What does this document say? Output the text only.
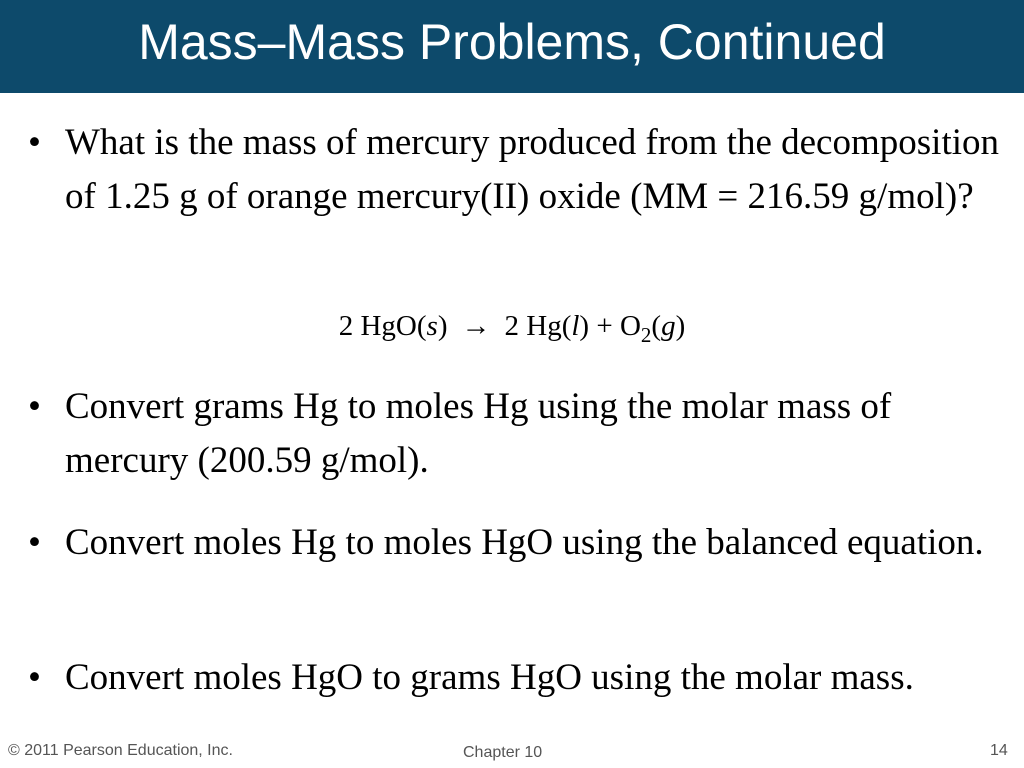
Mass–Mass Problems, Continued
• What is the mass of mercury produced from the decomposition of 1.25 g of orange mercury(II) oxide (MM = 216.59 g/mol)?
2 HgO(s) → 2 $Hg(l) + O_2(g)$
• Convert grams Hg to moles Hg using the molar mass of mercury (200.59 g/mol).
• Convert moles Hg to moles HgO using the balanced equation.
• Convert moles HgO to grams HgO using the molar mass.
© 2011 Pearson Education, Inc.	Chapter 10	14
